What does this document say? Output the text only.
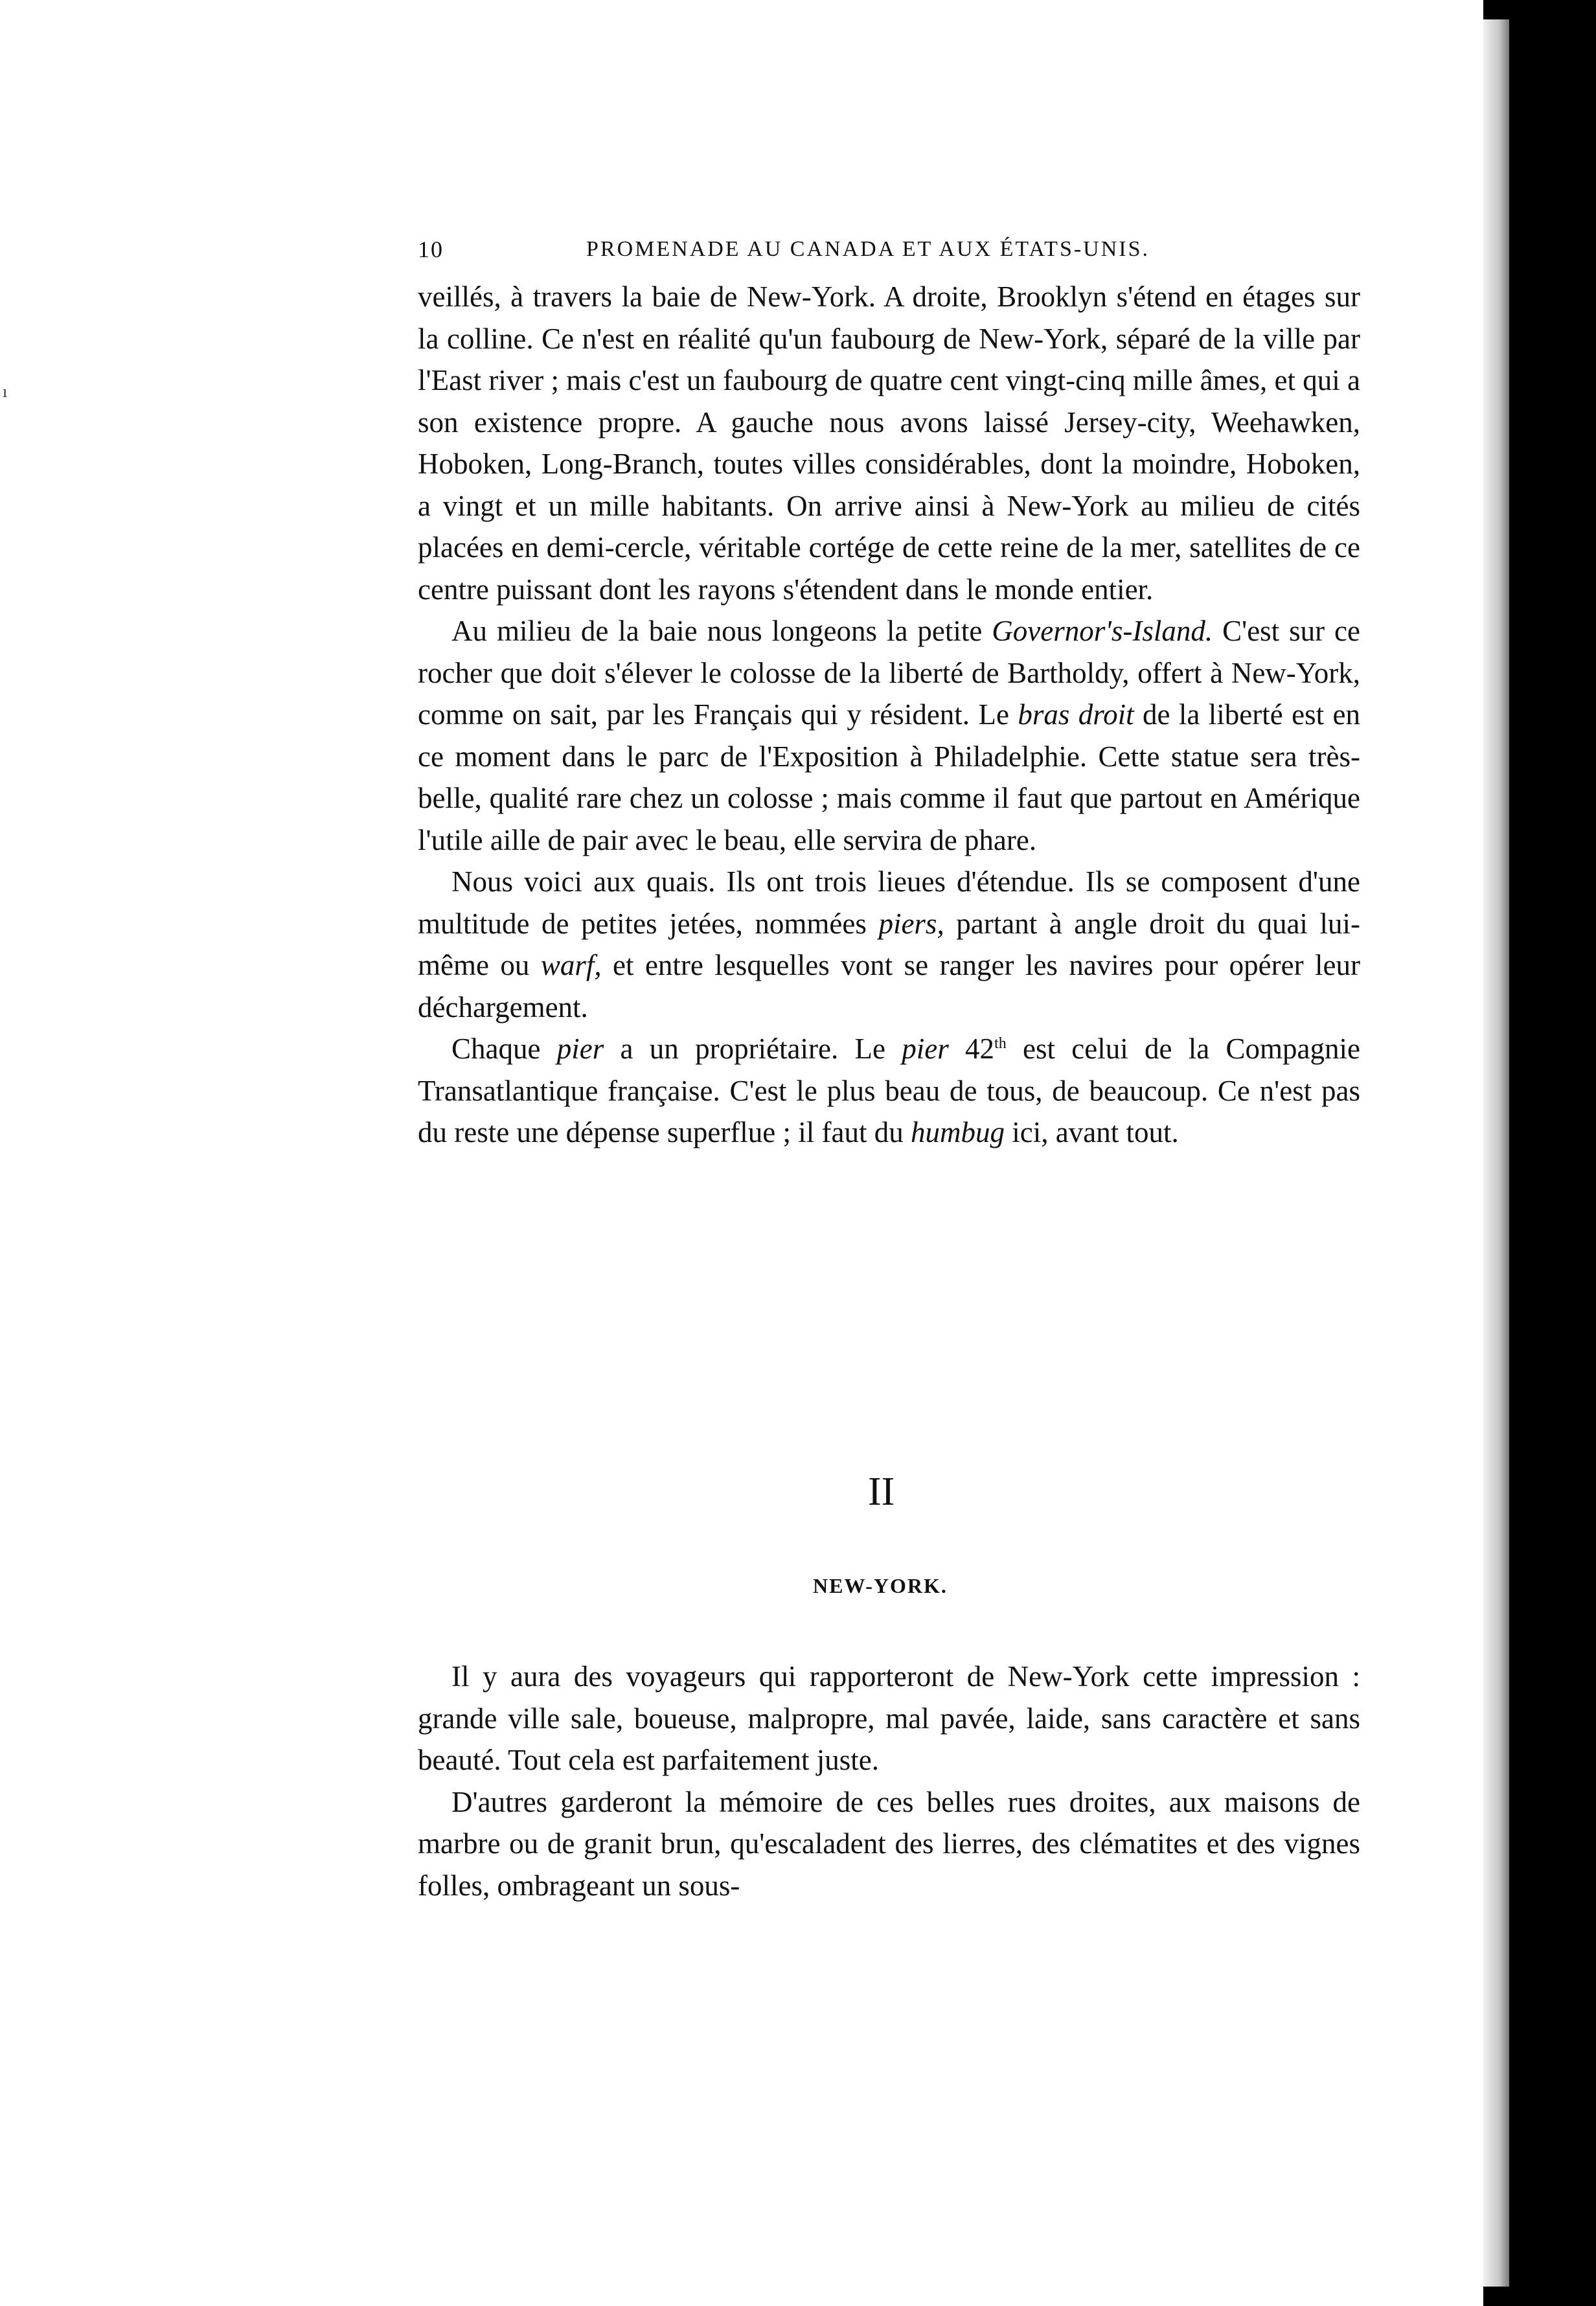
ı
10	PROMENADE AU CANADA ET AUX ÉTATS-UNIS.

veillés, à travers la baie de New-York. A droite, Brooklyn s'étend en étages sur la colline. Ce n'est en réalité qu'un faubourg de New-York, séparé de la ville par l'East river ; mais c'est un faubourg de quatre cent vingt-cinq mille âmes, et qui a son existence propre. A gauche nous avons laissé Jersey-city, Weehawken, Hoboken, Long-Branch, toutes villes considérables, dont la moindre, Hoboken, a vingt et un mille habitants. On arrive ainsi à New-York au milieu de cités placées en demi-cercle, véritable cortége de cette reine de la mer, satellites de ce centre puissant dont les rayons s'étendent dans le monde entier.

Au milieu de la baie nous longeons la petite Governor's-Island. C'est sur ce rocher que doit s'élever le colosse de la liberté de Bartholdy, offert à New-York, comme on sait, par les Français qui y résident. Le bras droit de la liberté est en ce moment dans le parc de l'Exposition à Philadelphie. Cette statue sera très-belle, qualité rare chez un colosse ; mais comme il faut que partout en Amérique l'utile aille de pair avec le beau, elle servira de phare.

Nous voici aux quais. Ils ont trois lieues d'étendue. Ils se composent d'une multitude de petites jetées, nommées piers, partant à angle droit du quai lui-même ou warf, et entre lesquelles vont se ranger les navires pour opérer leur déchargement.

Chaque pier a un propriétaire. Le pier 42th est celui de la Compagnie Transatlantique française. C'est le plus beau de tous, de beaucoup. Ce n'est pas du reste une dépense superflue ; il faut du humbug ici, avant tout.

II
NEW-YORK.

Il y aura des voyageurs qui rapporteront de New-York cette impression : grande ville sale, boueuse, malpropre, mal pavée, laide, sans caractère et sans beauté. Tout cela est parfaitement juste.

D'autres garderont la mémoire de ces belles rues droites, aux maisons de marbre ou de granit brun, qu'escaladent des lierres, des clématites et des vignes folles, ombrageant un sous-
